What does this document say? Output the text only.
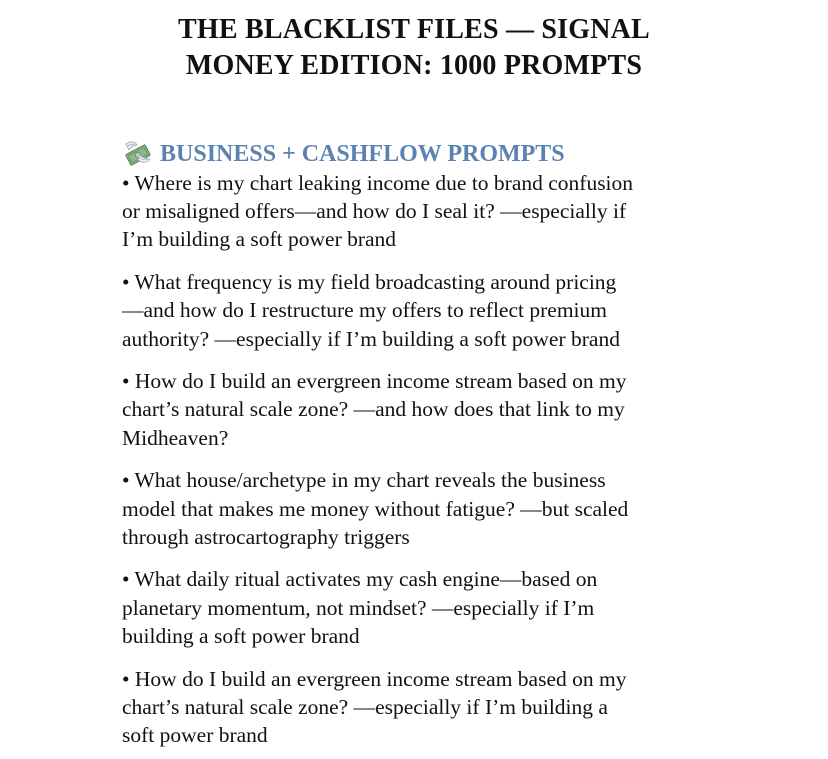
THE BLACKLIST FILES — SIGNAL
MONEY EDITION: 1000 PROMPTS
BUSINESS + CASHFLOW PROMPTS
• Where is my chart leaking income due to brand confusion
or misaligned offers—and how do I seal it? —especially if
I’m building a soft power brand
• What frequency is my field broadcasting around pricing
—and how do I restructure my offers to reflect premium
authority? —especially if I’m building a soft power brand
• How do I build an evergreen income stream based on my
chart’s natural scale zone? —and how does that link to my
Midheaven?
• What house/archetype in my chart reveals the business
model that makes me money without fatigue? —but scaled
through astrocartography triggers
• What daily ritual activates my cash engine—based on
planetary momentum, not mindset? —especially if I’m
building a soft power brand
• How do I build an evergreen income stream based on my
chart’s natural scale zone? —especially if I’m building a
soft power brand
